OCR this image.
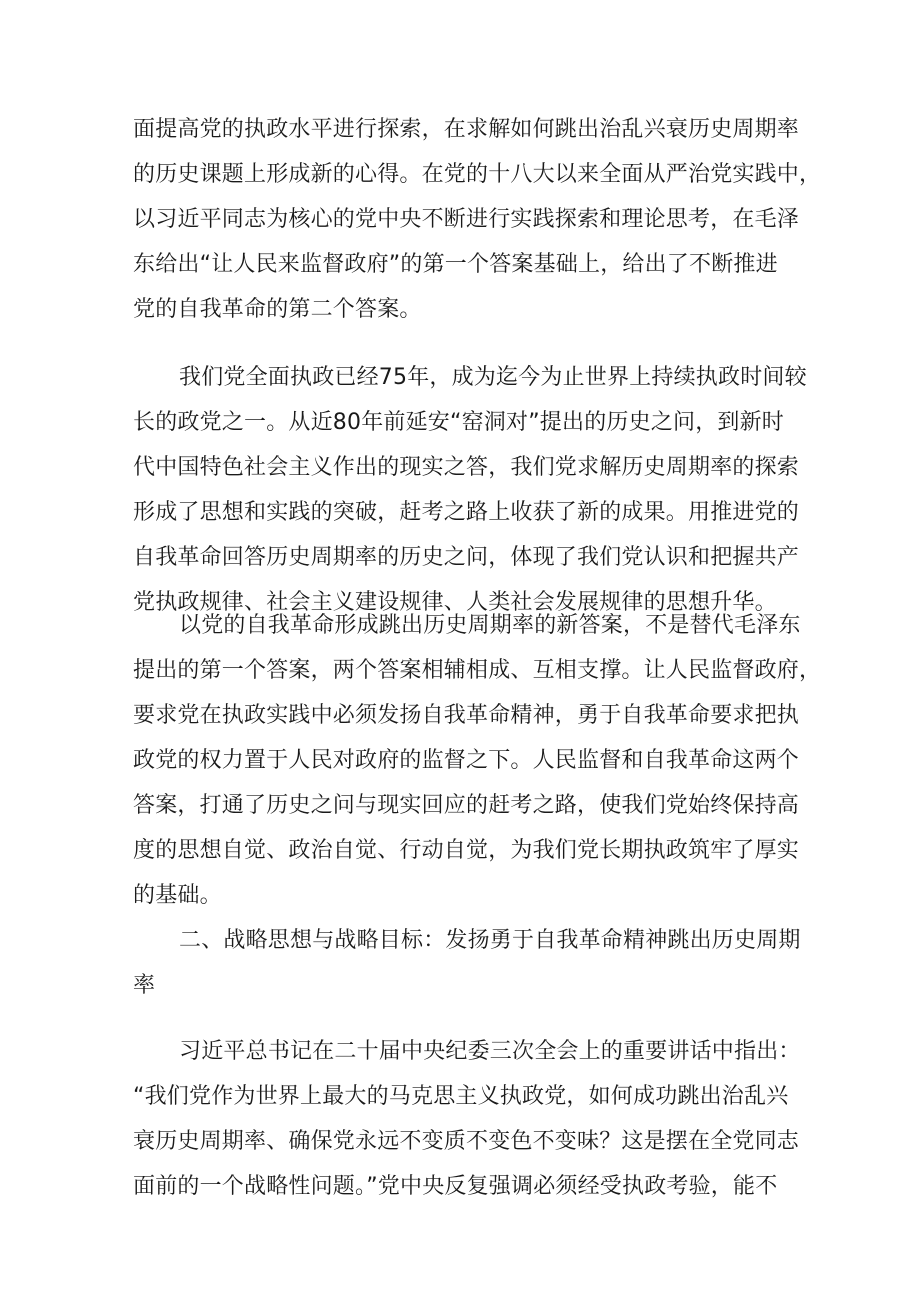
面提高党的执政水平进行探索，在求解如何跳出治乱兴衰历史周期率
的历史课题上形成新的心得。在党的十八大以来全面从严治党实践中，
以习近平同志为核心的党中央不断进行实践探索和理论思考，在毛泽
东给出“让人民来监督政府”的第一个答案基础上，给出了不断推进
党的自我革命的第二个答案。

我们党全面执政已经75年，成为迄今为止世界上持续执政时间较
长的政党之一。从近80年前延安“窑洞对”提出的历史之问，到新时
代中国特色社会主义作出的现实之答，我们党求解历史周期率的探索
形成了思想和实践的突破，赶考之路上收获了新的成果。用推进党的
自我革命回答历史周期率的历史之问，体现了我们党认识和把握共产
党执政规律、社会主义建设规律、人类社会发展规律的思想升华。

以党的自我革命形成跳出历史周期率的新答案，不是替代毛泽东
提出的第一个答案，两个答案相辅相成、互相支撑。让人民监督政府，
要求党在执政实践中必须发扬自我革命精神，勇于自我革命要求把执
政党的权力置于人民对政府的监督之下。人民监督和自我革命这两个
答案，打通了历史之问与现实回应的赶考之路，使我们党始终保持高
度的思想自觉、政治自觉、行动自觉，为我们党长期执政筑牢了厚实
的基础。

二、战略思想与战略目标：发扬勇于自我革命精神跳出历史周期
率

习近平总书记在二十届中央纪委三次全会上的重要讲话中指出：
“我们党作为世界上最大的马克思主义执政党，如何成功跳出治乱兴
衰历史周期率、确保党永远不变质不变色不变味？这是摆在全党同志
面前的一个战略性问题。”党中央反复强调必须经受执政考验，能不
